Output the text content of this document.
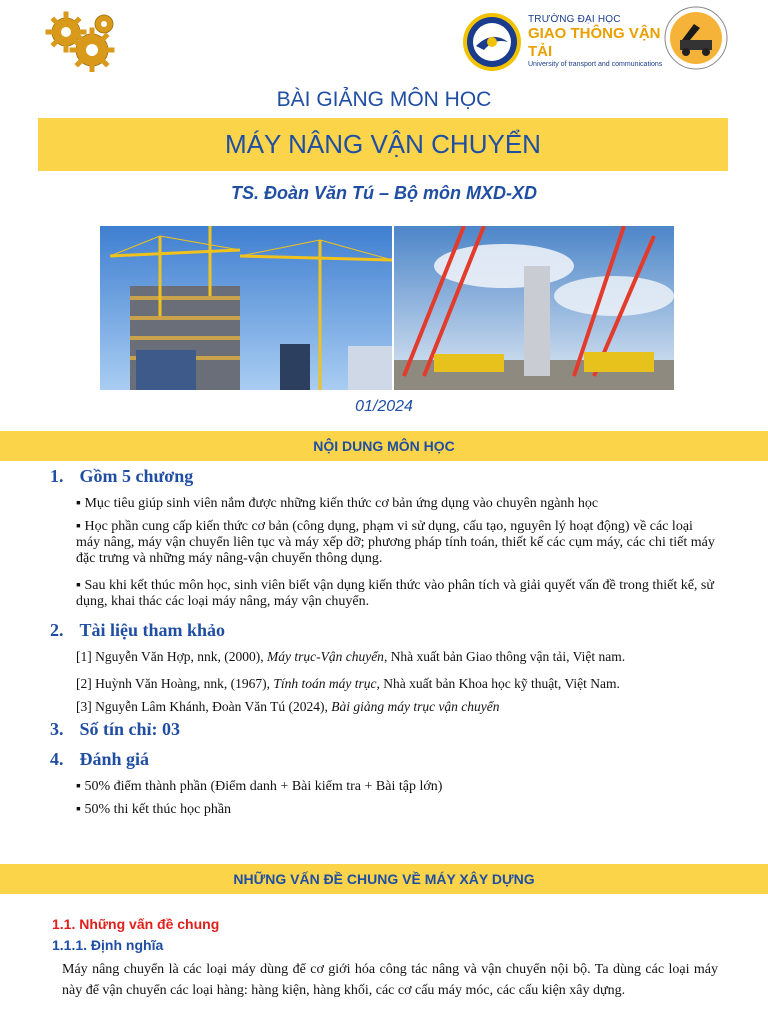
TRƯỜNG ĐẠI HỌC
GIAO THÔNG VẬN TẢI
University of transport and communications
BÀI GIẢNG MÔN HỌC
MÁY NÂNG VẬN CHUYỂN
TS. Đoàn Văn Tú – Bộ môn MXD-XD
01/2024
NỘI DUNG MÔN HỌC
1. Gồm 5 chương
▪ Mục tiêu giúp sinh viên nắm được những kiến thức cơ bản ứng dụng vào chuyên ngành học
▪ Học phần cung cấp kiến thức cơ bản (công dụng, phạm vi sử dụng, cấu tạo, nguyên lý hoạt động) về các loại máy nâng, máy vận chuyển liên tục và máy xếp dỡ; phương pháp tính toán, thiết kế các cụm máy, các chi tiết máy đặc trưng và những máy nâng-vận chuyển thông dụng.
▪ Sau khi kết thúc môn học, sinh viên biết vận dụng kiến thức vào phân tích và giải quyết vấn đề trong thiết kế, sử dụng, khai thác các loại máy nâng, máy vận chuyển.
2. Tài liệu tham khảo
[1] Nguyễn Văn Hợp, nnk, (2000), Máy trục-Vận chuyển, Nhà xuất bản Giao thông vận tải, Việt nam.
[2] Huỳnh Văn Hoàng, nnk, (1967), Tính toán máy trục, Nhà xuất bản Khoa học kỹ thuật, Việt Nam.
[3] Nguyễn Lâm Khánh, Đoàn Văn Tú (2024), Bài giảng máy trục vận chuyển
3. Số tín chỉ: 03
4. Đánh giá
▪ 50% điểm thành phần (Điểm danh + Bài kiểm tra + Bài tập lớn)
▪ 50% thi kết thúc học phần
NHỮNG VẤN ĐỀ CHUNG VỀ MÁY XÂY DỰNG
1.1. Những vấn đề chung
1.1.1. Định nghĩa
Máy nâng chuyển là các loại máy dùng để cơ giới hóa công tác nâng và vận chuyển nội bộ. Ta dùng các loại máy này để vận chuyển các loại hàng: hàng kiện, hàng khối, các cơ cấu máy móc, các cấu kiện xây dựng.
